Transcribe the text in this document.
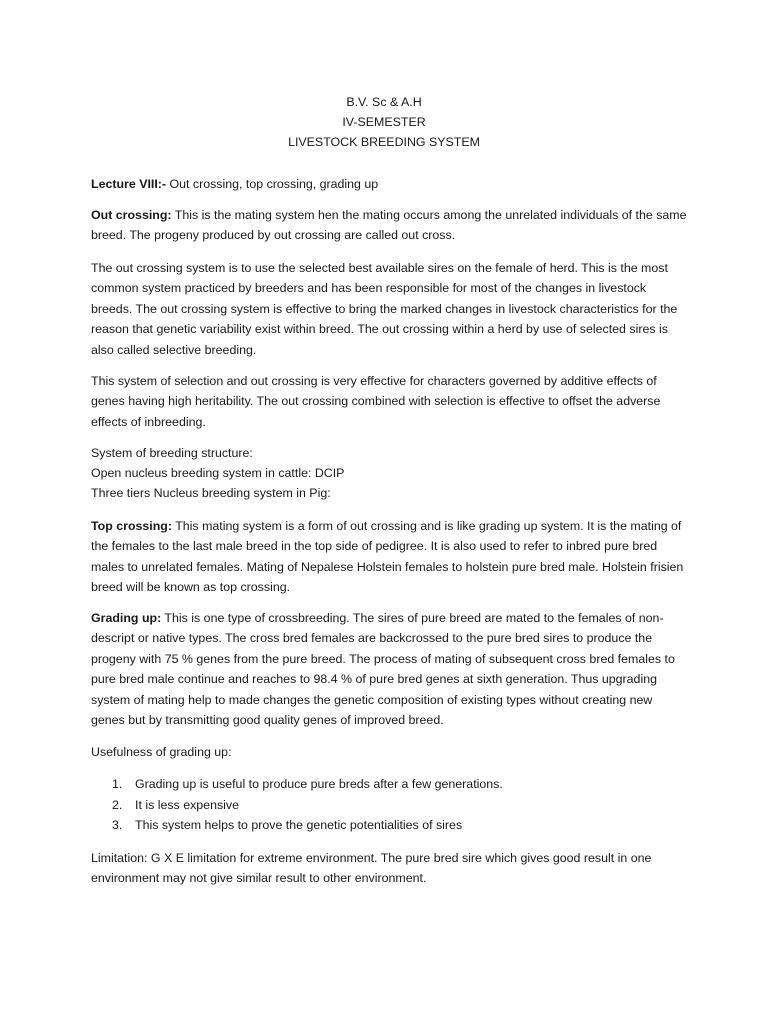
B.V. Sc & A.H
IV-SEMESTER
LIVESTOCK BREEDING SYSTEM
Lecture VIII:- Out crossing, top crossing, grading up
Out crossing: This is the mating system hen the mating occurs among the unrelated individuals of the same breed. The progeny produced by out crossing are called out cross.
The out crossing system is to use the selected best available sires on the female of herd. This is the most common system practiced by breeders and has been responsible for most of the changes in livestock breeds. The out crossing system is effective to bring the marked changes in livestock characteristics for the reason that genetic variability exist within breed. The out crossing within a herd by use of selected sires is also called selective breeding.
This system of selection and out crossing is very effective for characters governed by additive effects of genes having high heritability. The out crossing combined with selection is effective to offset the adverse effects of inbreeding.
System of breeding structure:
Open nucleus breeding system in cattle: DCIP
Three tiers Nucleus breeding system in Pig:
Top crossing: This mating system is a form of out crossing and is like grading up system. It is the mating of the females to the last male breed in the top side of pedigree. It is also used to refer to inbred pure bred males to unrelated females. Mating of Nepalese Holstein females to holstein pure bred male. Holstein frisien breed will be known as top crossing.
Grading up: This is one type of crossbreeding. The sires of pure breed are mated to the females of non-descript or native types. The cross bred females are backcrossed to the pure bred sires to produce the progeny with 75 % genes from the pure breed. The process of mating of subsequent cross bred females to pure bred male continue and reaches to 98.4 % of pure bred genes at sixth generation. Thus upgrading system of mating help to made changes the genetic composition of existing types without creating new genes but by transmitting good quality genes of improved breed.
Usefulness of grading up:
1. Grading up is useful to produce pure breds after a few generations.
2. It is less expensive
3. This system helps to prove the genetic potentialities of sires
Limitation: G X E limitation for extreme environment. The pure bred sire which gives good result in one environment may not give similar result to other environment.
